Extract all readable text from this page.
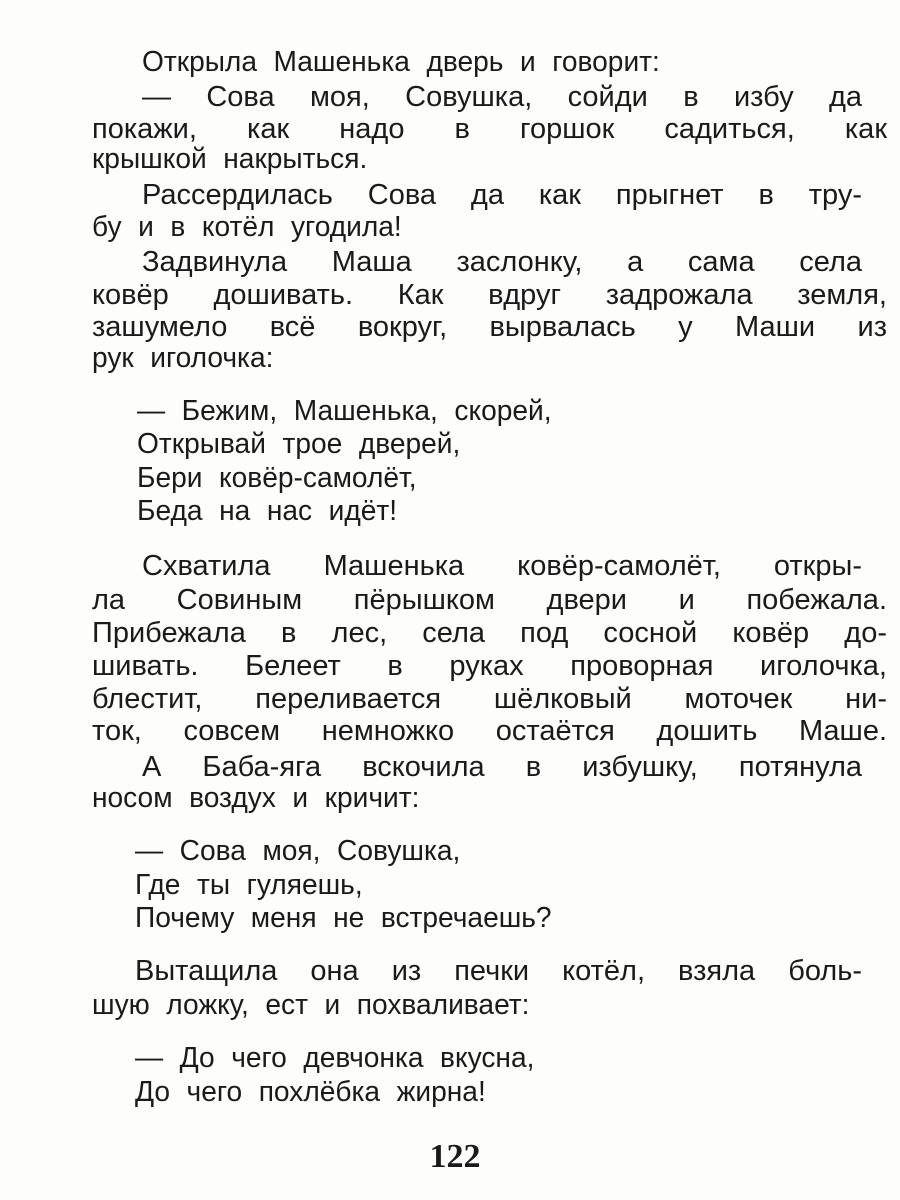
Открыла Машенька дверь и говорит:
— Сова моя, Совушка, сойди в избу да
покажи, как надо в горшок садиться, как
крышкой накрыться.
Рассердилась Сова да как прыгнет в тру-
бу и в котёл угодила!
Задвинула Маша заслонку, а сама села
ковёр дошивать. Как вдруг задрожала земля,
зашумело всё вокруг, вырвалась у Маши из
рук иголочка:
— Бежим, Машенька, скорей,
Открывай трое дверей,
Бери ковёр-самолёт,
Беда на нас идёт!
Схватила Машенька ковёр-самолёт, откры-
ла Совиным пёрышком двери и побежала.
Прибежала в лес, села под сосной ковёр до-
шивать. Белеет в руках проворная иголочка,
блестит, переливается шёлковый моточек ни-
ток, совсем немножко остаётся дошить Маше.
А Баба-яга вскочила в избушку, потянула
носом воздух и кричит:
— Сова моя, Совушка,
Где ты гуляешь,
Почему меня не встречаешь?
Вытащила она из печки котёл, взяла боль-
шую ложку, ест и похваливает:
— До чего девчонка вкусна,
До чего похлёбка жирна!
122
